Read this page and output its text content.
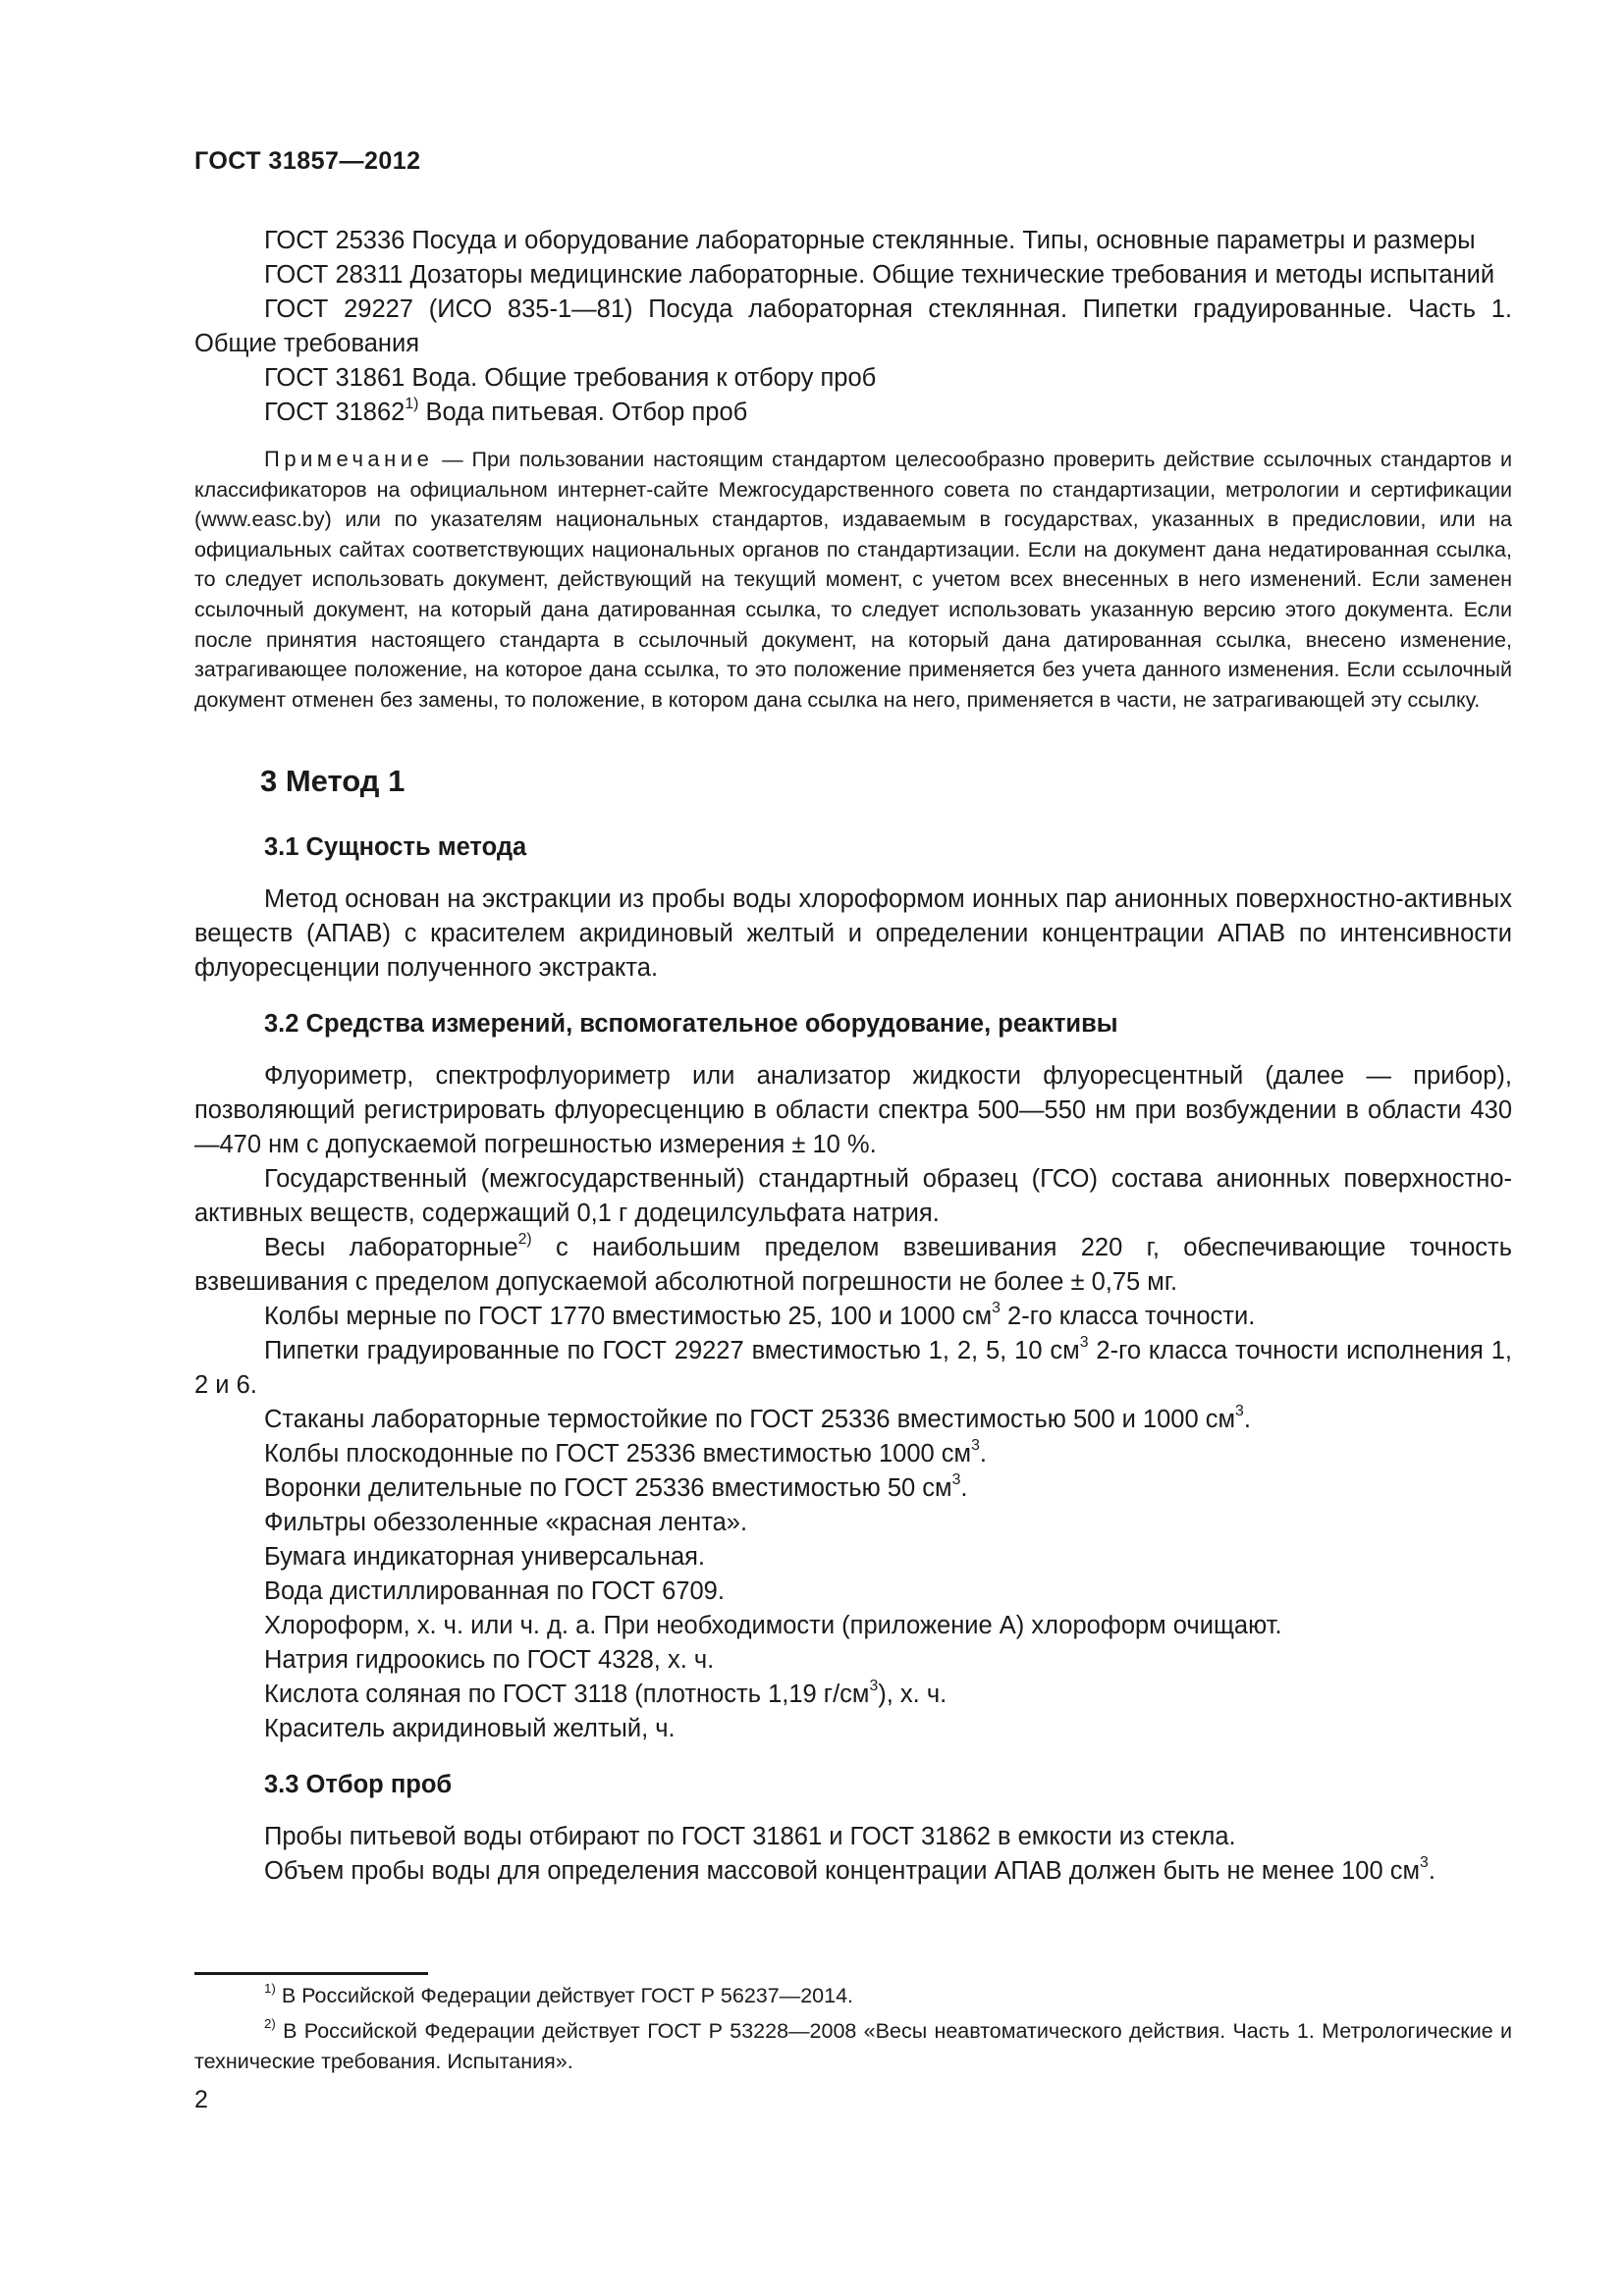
ГОСТ 31857—2012

ГОСТ 25336 Посуда и оборудование лабораторные стеклянные. Типы, основные параметры и размеры

ГОСТ 28311 Дозаторы медицинские лабораторные. Общие технические требования и методы испытаний

ГОСТ 29227 (ИСО 835-1—81) Посуда лабораторная стеклянная. Пипетки градуированные. Часть 1. Общие требования

ГОСТ 31861 Вода. Общие требования к отбору проб

ГОСТ 31862$^{1)}$ Вода питьевая. Отбор проб

Примечание — При пользовании настоящим стандартом целесообразно проверить действие ссылочных стандартов и классификаторов на официальном интернет-сайте Межгосударственного совета по стандартизации, метрологии и сертификации (www.easc.by) или по указателям национальных стандартов, издаваемым в государствах, указанных в предисловии, или на официальных сайтах соответствующих национальных органов по стандартизации. Если на документ дана недатированная ссылка, то следует использовать документ, действующий на текущий момент, с учетом всех внесенных в него изменений. Если заменен ссылочный документ, на который дана датированная ссылка, то следует использовать указанную версию этого документа. Если после принятия настоящего стандарта в ссылочный документ, на который дана датированная ссылка, внесено изменение, затрагивающее положение, на которое дана ссылка, то это положение применяется без учета данного изменения. Если ссылочный документ отменен без замены, то положение, в котором дана ссылка на него, применяется в части, не затрагивающей эту ссылку.

3 Метод 1
3.1 Сущность метода

Метод основан на экстракции из пробы воды хлороформом ионных пар анионных поверхностно-активных веществ (АПАВ) с красителем акридиновый желтый и определении концентрации АПАВ по интенсивности флуоресценции полученного экстракта.

3.2 Средства измерений, вспомогательное оборудование, реактивы

Флуориметр, спектрофлуориметр или анализатор жидкости флуоресцентный (далее — прибор), позволяющий регистрировать флуоресценцию в области спектра 500—550 нм при возбуждении в области 430—470 нм с допускаемой погрешностью измерения ± 10 %.

Государственный (межгосударственный) стандартный образец (ГСО) состава анионных поверхностно-активных веществ, содержащий 0,1 г додецилсульфата натрия.

Весы лабораторные$^{2)}$ с наибольшим пределом взвешивания 220 г, обеспечивающие точность взвешивания с пределом допускаемой абсолютной погрешности не более ± 0,75 мг.

Колбы мерные по ГОСТ 1770 вместимостью 25, 100 и 1000 $см^3$ 2-го класса точности.

Пипетки градуированные по ГОСТ 29227 вместимостью 1, 2, 5, 10 $см^3$ 2-го класса точности исполнения 1, 2 и 6.

Стаканы лабораторные термостойкие по ГОСТ 25336 вместимостью 500 и 1000 $см^3$.

Колбы плоскодонные по ГОСТ 25336 вместимостью 1000 $см^3$.

Воронки делительные по ГОСТ 25336 вместимостью 50 $см^3$.

Фильтры обеззоленные «красная лента».

Бумага индикаторная универсальная.

Вода дистиллированная по ГОСТ 6709.

Хлороформ, х. ч. или ч. д. а. При необходимости (приложение А) хлороформ очищают.

Натрия гидроокись по ГОСТ 4328, х. ч.

Кислота соляная по ГОСТ 3118 (плотность 1,19 $г/см^3$), х. ч.

Краситель акридиновый желтый, ч.

3.3 Отбор проб

Пробы питьевой воды отбирают по ГОСТ 31861 и ГОСТ 31862 в емкости из стекла.

Объем пробы воды для определения массовой концентрации АПАВ должен быть не менее 100 $см^3$.

$^{1)}$ В Российской Федерации действует ГОСТ Р 56237—2014.

$^{2)}$ В Российской Федерации действует ГОСТ Р 53228—2008 «Весы неавтоматического действия. Часть 1. Метрологические и технические требования. Испытания».

2
